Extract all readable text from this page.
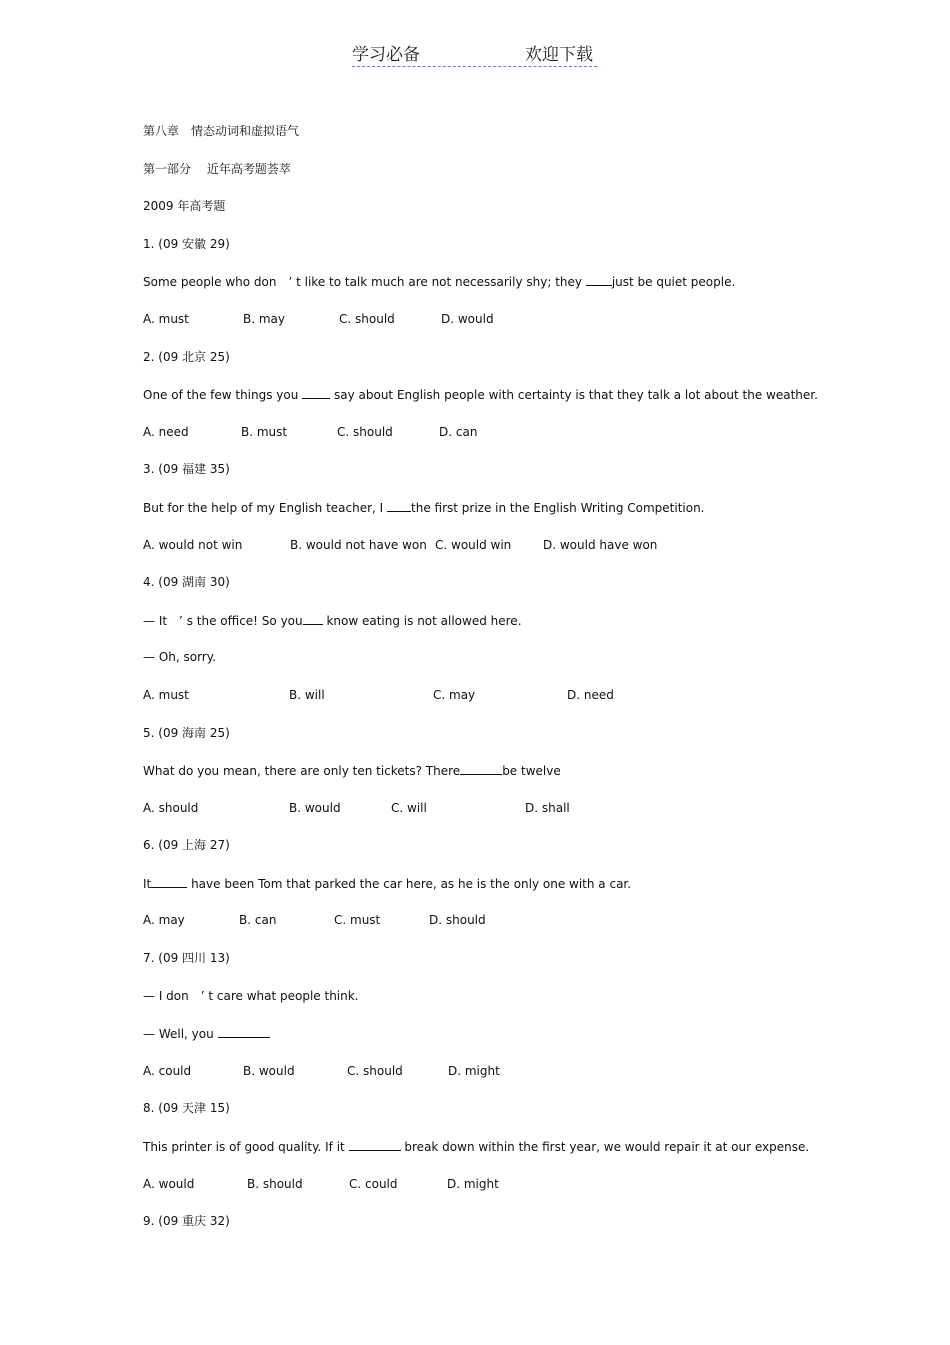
学习必备	欢迎下载
第八章　情态动词和虚拟语气
第一部分　 近年高考题荟萃
2009 年高考题
1. (09 安徽 29)
Some people who don　’ t like to talk much are not necessarily shy; they just be quiet people.
A. must	B. may	C. should	D. would
2. (09 北京 25)
One of the few things you  say about English people with certainty is that they talk a lot about the weather.
A. need	B. must	C. should	D. can
3. (09 福建 35)
But for the help of my English teacher, I the first prize in the English Writing Competition.
A. would not win	B. would not have won C. would win	D. would have won
4. (09 湖南 30)
— It　’ s the office! So you know eating is not allowed here.
— Oh, sorry.
A. must	B. will	C. may	D. need
5. (09 海南 25)
What do you mean, there are only ten tickets? There	be twelve
A. should	B. would	C. will	D. shall
6. (09 上海 27)
It	have been Tom that parked the car here, as he is the only one with a car.
A. may	B. can	C. must	D. should
7. (09 四川 13)
— I don　’ t care what people think.
— Well, you
A. could	B. would	C. should	D. might
8. (09 天津 15)
This printer is of good quality. If it	break down within the first year, we would repair it at our expense.
A. would	B. should	C. could	D. might
9. (09 重庆 32)
